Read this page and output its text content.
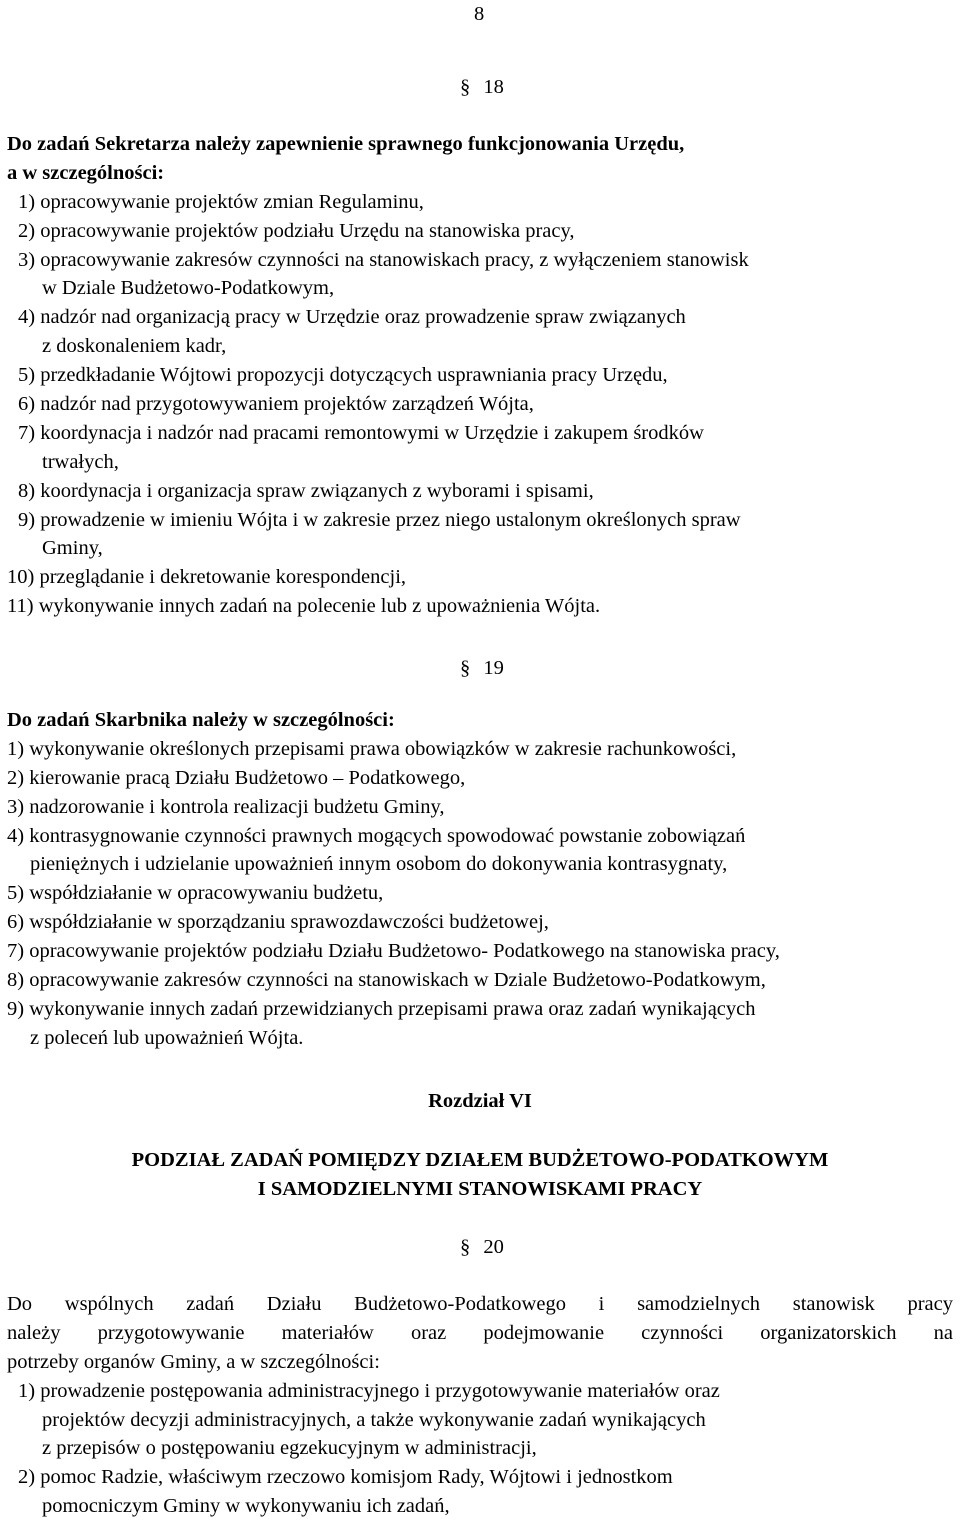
8
§ 18
Do zadań Sekretarza należy zapewnienie sprawnego funkcjonowania Urzędu,
a w szczególności:
1) opracowywanie projektów zmian Regulaminu,
2) opracowywanie projektów podziału Urzędu na stanowiska pracy,
3) opracowywanie zakresów czynności na stanowiskach pracy, z wyłączeniem stanowisk
w Dziale Budżetowo-Podatkowym,
4) nadzór nad organizacją pracy w Urzędzie oraz prowadzenie spraw związanych
z doskonaleniem kadr,
5) przedkładanie Wójtowi propozycji dotyczących usprawniania pracy Urzędu,
6) nadzór nad przygotowywaniem projektów zarządzeń Wójta,
7) koordynacja i nadzór nad pracami remontowymi w Urzędzie i zakupem środków
trwałych,
8) koordynacja i organizacja spraw związanych z wyborami i spisami,
9) prowadzenie w imieniu Wójta i w zakresie przez niego ustalonym określonych spraw
Gminy,
10) przeglądanie i dekretowanie korespondencji,
11) wykonywanie innych zadań na polecenie lub z upoważnienia Wójta.
§ 19
Do zadań Skarbnika należy w szczególności:
1) wykonywanie określonych przepisami prawa obowiązków w zakresie rachunkowości,
2) kierowanie pracą Działu Budżetowo – Podatkowego,
3) nadzorowanie i kontrola realizacji budżetu Gminy,
4) kontrasygnowanie czynności prawnych mogących spowodować powstanie zobowiązań
pieniężnych i udzielanie upoważnień innym osobom do dokonywania kontrasygnaty,
5) współdziałanie w opracowywaniu budżetu,
6) współdziałanie w sporządzaniu sprawozdawczości budżetowej,
7) opracowywanie projektów podziału Działu Budżetowo- Podatkowego na stanowiska pracy,
8) opracowywanie zakresów czynności na stanowiskach w Dziale Budżetowo-Podatkowym,
9) wykonywanie innych zadań przewidzianych przepisami prawa oraz zadań wynikających
z poleceń lub upoważnień Wójta.
Rozdział VI
PODZIAŁ ZADAŃ POMIĘDZY DZIAŁEM BUDŻETOWO-PODATKOWYM
I SAMODZIELNYMI STANOWISKAMI PRACY
§ 20
Do wspólnych zadań Działu Budżetowo-Podatkowego i samodzielnych stanowisk pracy
należy przygotowywanie materiałów oraz podejmowanie czynności organizatorskich na
potrzeby organów Gminy, a w szczególności:
1) prowadzenie postępowania administracyjnego i przygotowywanie materiałów oraz
projektów decyzji administracyjnych, a także wykonywanie zadań wynikających
z przepisów o postępowaniu egzekucyjnym w administracji,
2) pomoc Radzie, właściwym rzeczowo komisjom Rady, Wójtowi i jednostkom
pomocniczym Gminy w wykonywaniu ich zadań,
